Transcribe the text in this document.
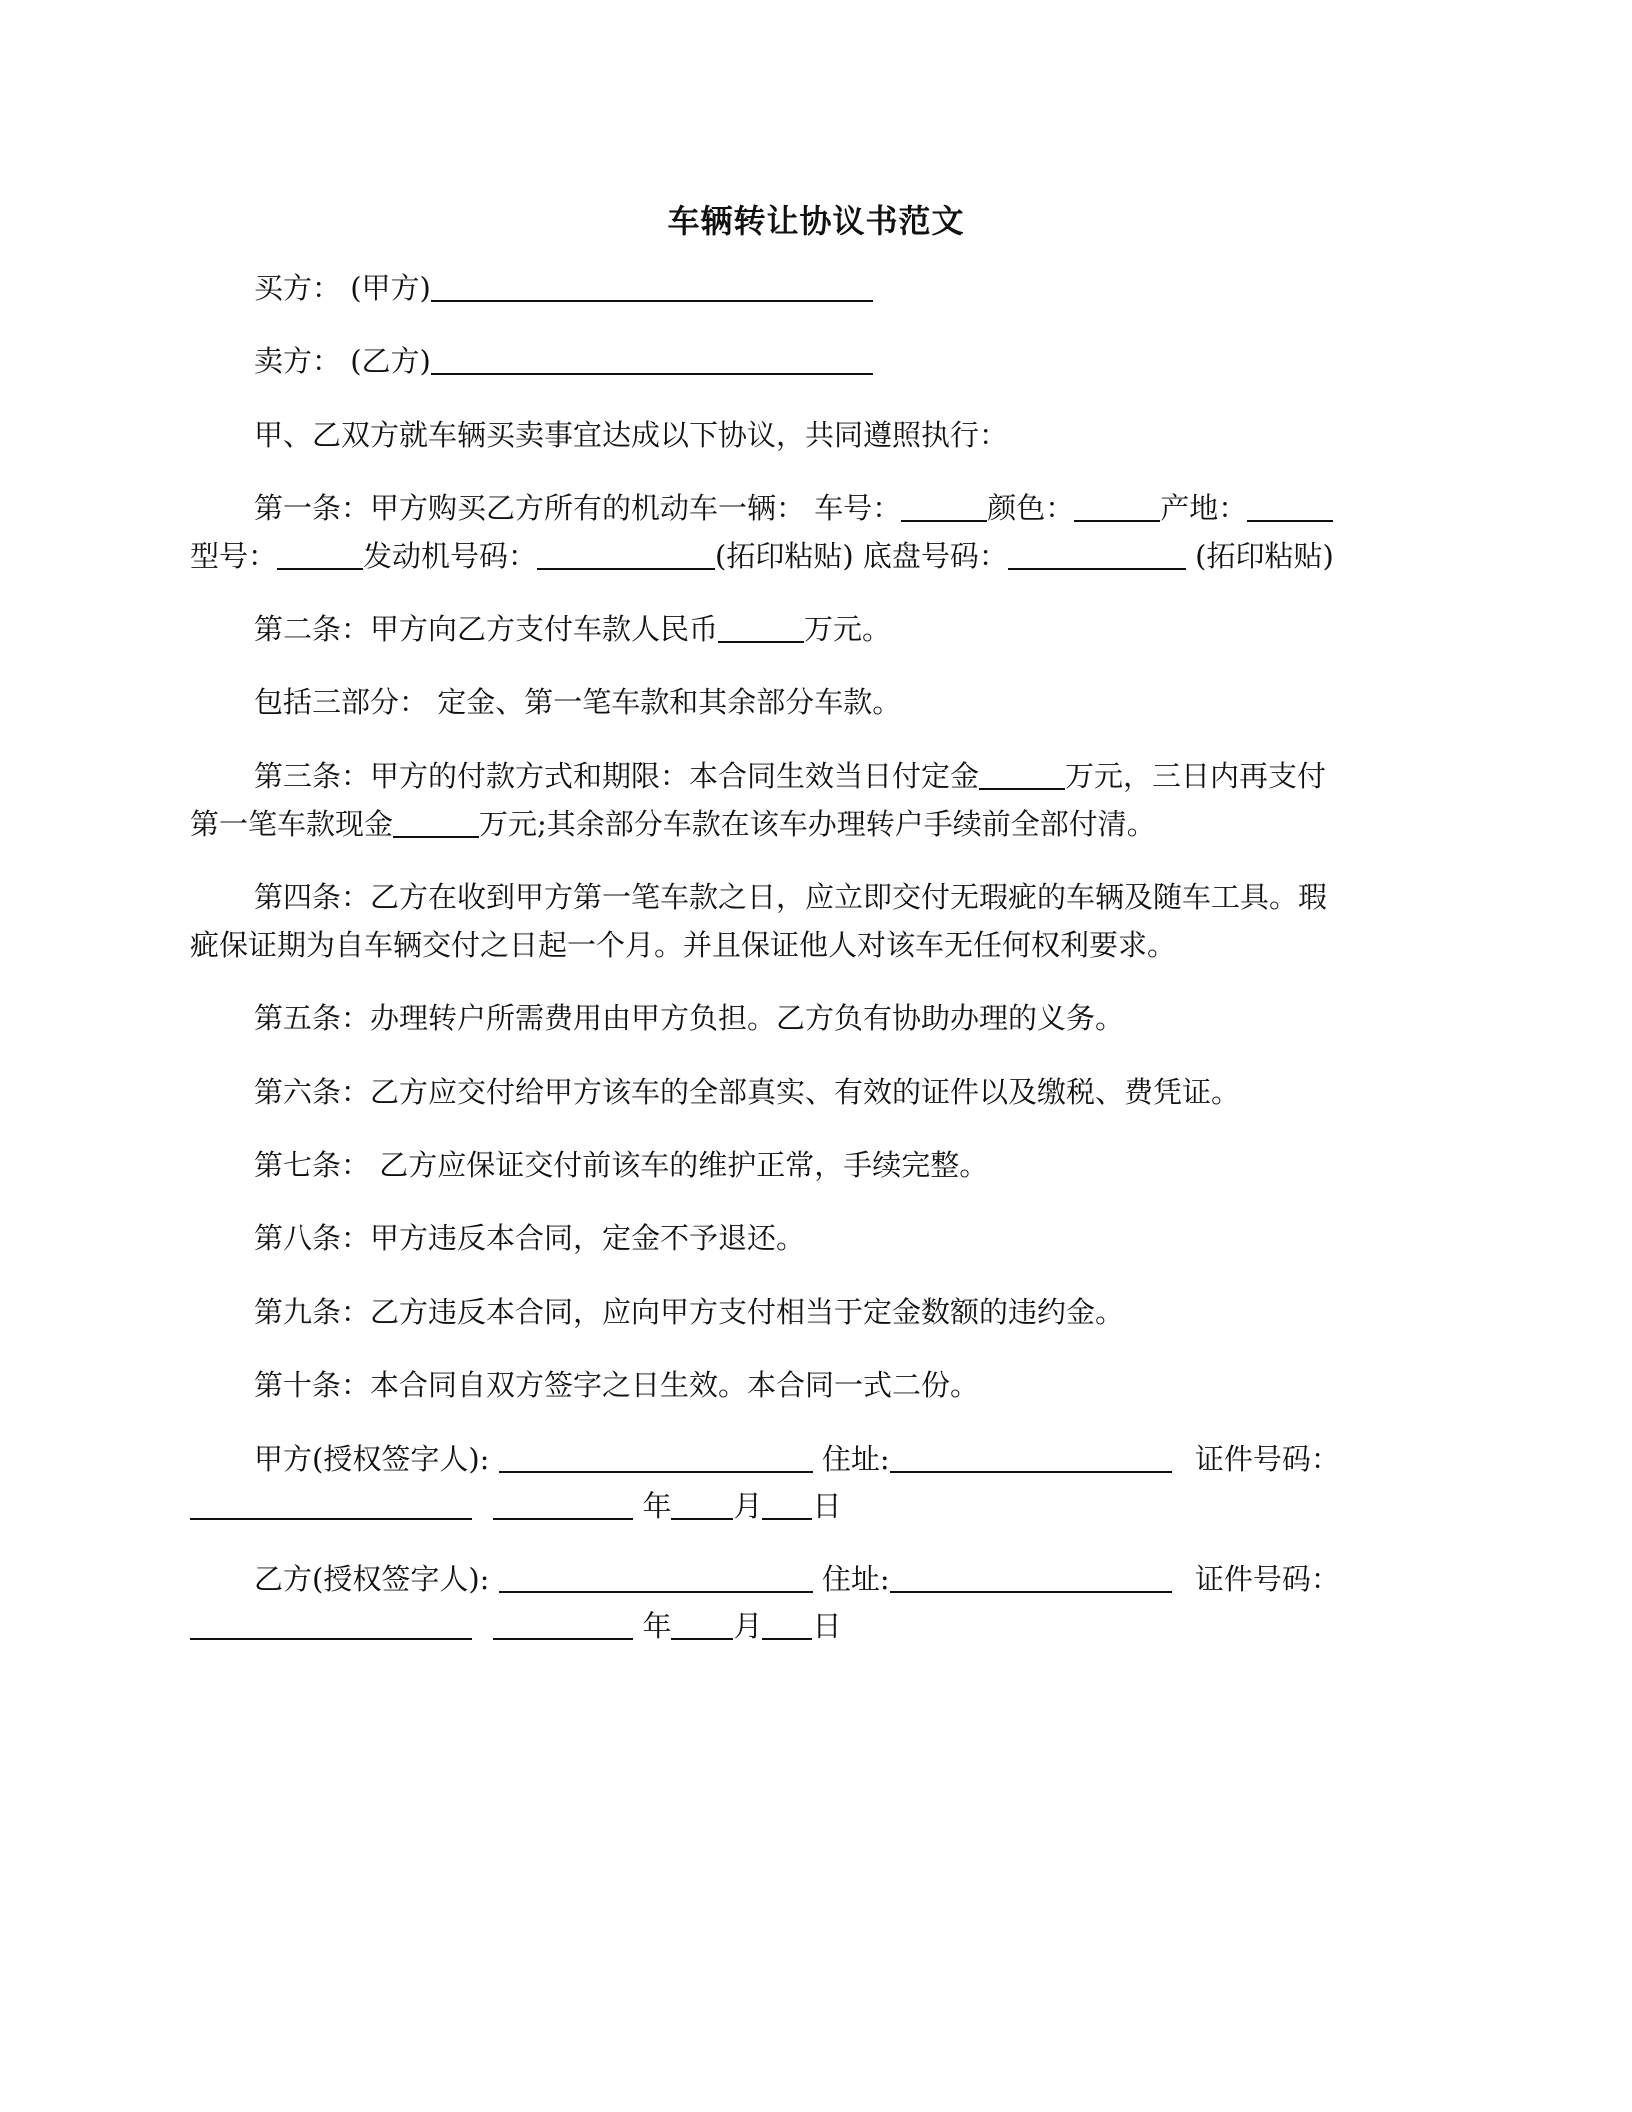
车辆转让协议书范文
买方： (甲方)
卖方： (乙方)
甲、乙双方就车辆买卖事宜达成以下协议，共同遵照执行：
第一条：甲方购买乙方所有的机动车一辆： 车号：	颜色：	产地：
型号：	发动机号码：	(拓印粘贴) 底盘号码：	(拓印粘贴)
第二条：甲方向乙方支付车款人民币	万元。
包括三部分： 定金、第一笔车款和其余部分车款。
第三条：甲方的付款方式和期限：本合同生效当日付定金	万元，三日内再支付
第一笔车款现金	万元;其余部分车款在该车办理转户手续前全部付清。
第四条：乙方在收到甲方第一笔车款之日，应立即交付无瑕疵的车辆及随车工具。瑕
疵保证期为自车辆交付之日起一个月。并且保证他人对该车无任何权利要求。
第五条：办理转户所需费用由甲方负担。乙方负有协助办理的义务。
第六条：乙方应交付给甲方该车的全部真实、有效的证件以及缴税、费凭证。
第七条： 乙方应保证交付前该车的维护正常，手续完整。
第八条：甲方违反本合同，定金不予退还。
第九条：乙方违反本合同，应向甲方支付相当于定金数额的违约金。
第十条：本合同自双方签字之日生效。本合同一式二份。
甲方(授权签字人):	住址:	证件号码：
年 月 日
乙方(授权签字人):	住址:	证件号码：
年 月 日
